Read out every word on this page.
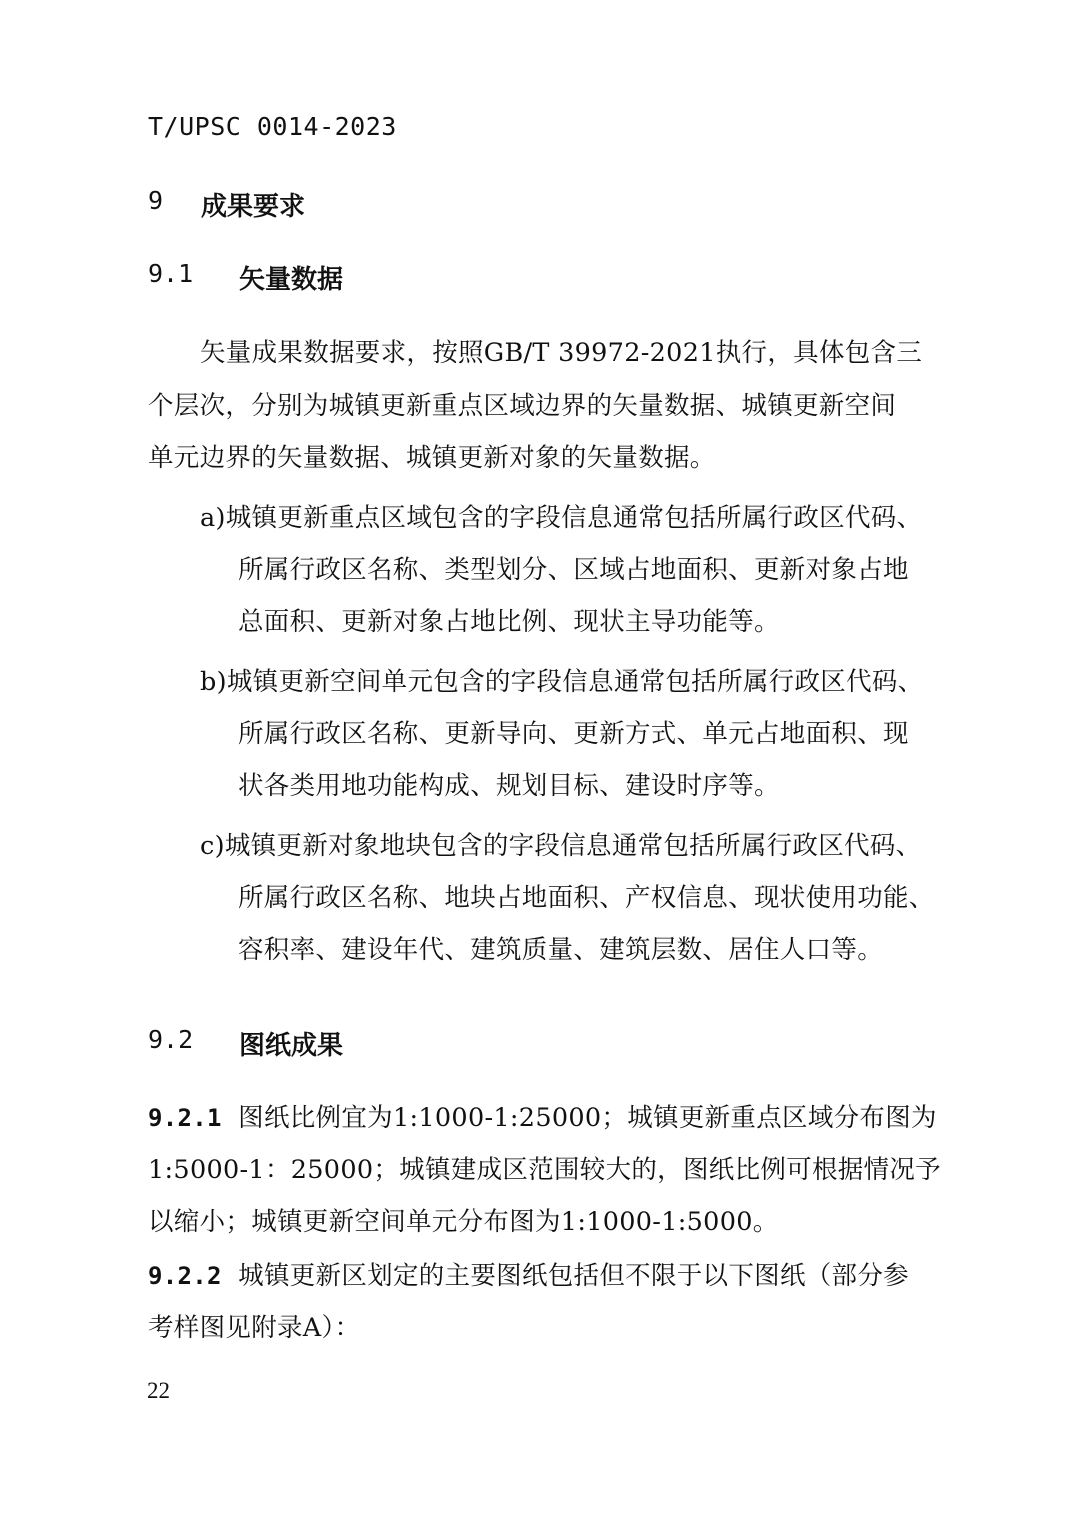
T/UPSC 0014-2023
9 成果要求
9.1 矢量数据
矢量成果数据要求，按照GB/T 39972-2021执行，具体包含三
个层次，分别为城镇更新重点区域边界的矢量数据、城镇更新空间
单元边界的矢量数据、城镇更新对象的矢量数据。
a)城镇更新重点区域包含的字段信息通常包括所属行政区代码、
所属行政区名称、类型划分、区域占地面积、更新对象占地
总面积、更新对象占地比例、现状主导功能等。
b)城镇更新空间单元包含的字段信息通常包括所属行政区代码、
所属行政区名称、更新导向、更新方式、单元占地面积、现
状各类用地功能构成、规划目标、建设时序等。
c)城镇更新对象地块包含的字段信息通常包括所属行政区代码、
所属行政区名称、地块占地面积、产权信息、现状使用功能、
容积率、建设年代、建筑质量、建筑层数、居住人口等。
9.2 图纸成果
9.2.1 图纸比例宜为1:1000-1:25000；城镇更新重点区域分布图为
1:5000-1：25000；城镇建成区范围较大的，图纸比例可根据情况予
以缩小；城镇更新空间单元分布图为1:1000-1:5000。
9.2.2 城镇更新区划定的主要图纸包括但不限于以下图纸（部分参
考样图见附录A）：
22
